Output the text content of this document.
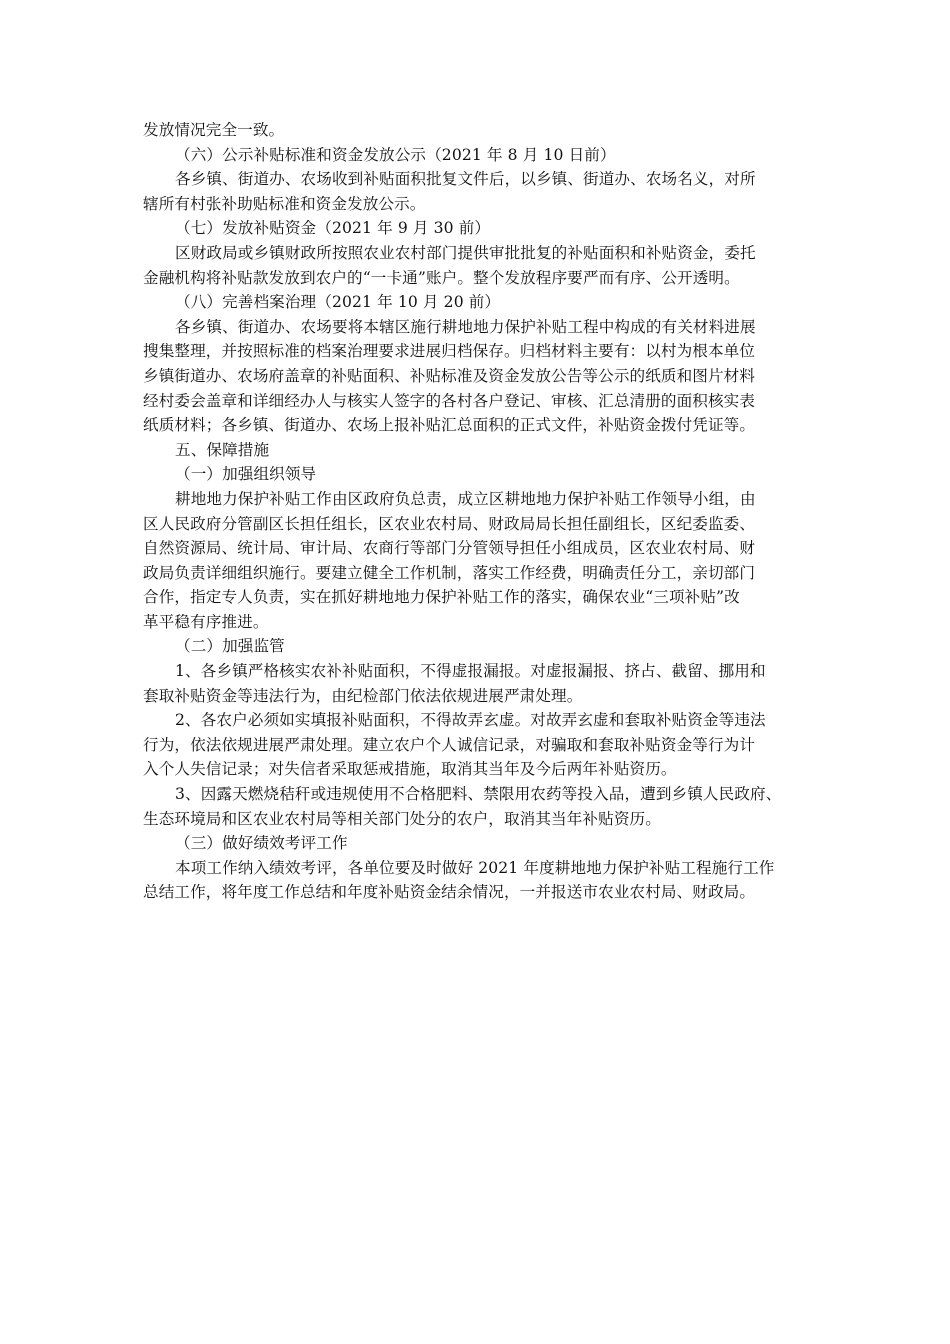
发放情况完全一致。
（六）公示补贴标准和资金发放公示（2021 年 8 月 10 日前）
各乡镇、街道办、农场收到补贴面积批复文件后，以乡镇、街道办、农场名义，对所
辖所有村张补助贴标准和资金发放公示。
（七）发放补贴资金（2021 年 9 月 30 前）
区财政局或乡镇财政所按照农业农村部门提供审批批复的补贴面积和补贴资金，委托
金融机构将补贴款发放到农户的“一卡通”账户。整个发放程序要严而有序、公开透明。
（八）完善档案治理（2021 年 10 月 20 前）
各乡镇、街道办、农场要将本辖区施行耕地地力保护补贴工程中构成的有关材料进展
搜集整理，并按照标准的档案治理要求进展归档保存。归档材料主要有：以村为根本单位
乡镇街道办、农场府盖章的补贴面积、补贴标准及资金发放公告等公示的纸质和图片材料
经村委会盖章和详细经办人与核实人签字的各村各户登记、审核、汇总清册的面积核实表
纸质材料；各乡镇、街道办、农场上报补贴汇总面积的正式文件，补贴资金拨付凭证等。
五、保障措施
（一）加强组织领导
耕地地力保护补贴工作由区政府负总责，成立区耕地地力保护补贴工作领导小组，由
区人民政府分管副区长担任组长，区农业农村局、财政局局长担任副组长，区纪委监委、
自然资源局、统计局、审计局、农商行等部门分管领导担任小组成员，区农业农村局、财
政局负责详细组织施行。要建立健全工作机制，落实工作经费，明确责任分工，亲切部门
合作，指定专人负责，实在抓好耕地地力保护补贴工作的落实，确保农业“三项补贴”改
革平稳有序推进。
（二）加强监管
1、各乡镇严格核实农补补贴面积，不得虚报漏报。对虚报漏报、挤占、截留、挪用和
套取补贴资金等违法行为，由纪检部门依法依规进展严肃处理。
2、各农户必须如实填报补贴面积，不得故弄玄虚。对故弄玄虚和套取补贴资金等违法
行为，依法依规进展严肃处理。建立农户个人诚信记录，对骗取和套取补贴资金等行为计
入个人失信记录；对失信者采取惩戒措施，取消其当年及今后两年补贴资历。
3、因露天燃烧秸秆或违规使用不合格肥料、禁限用农药等投入品，遭到乡镇人民政府、
生态环境局和区农业农村局等相关部门处分的农户，取消其当年补贴资历。
（三）做好绩效考评工作
本项工作纳入绩效考评，各单位要及时做好 2021 年度耕地地力保护补贴工程施行工作
总结工作，将年度工作总结和年度补贴资金结余情况，一并报送市农业农村局、财政局。
